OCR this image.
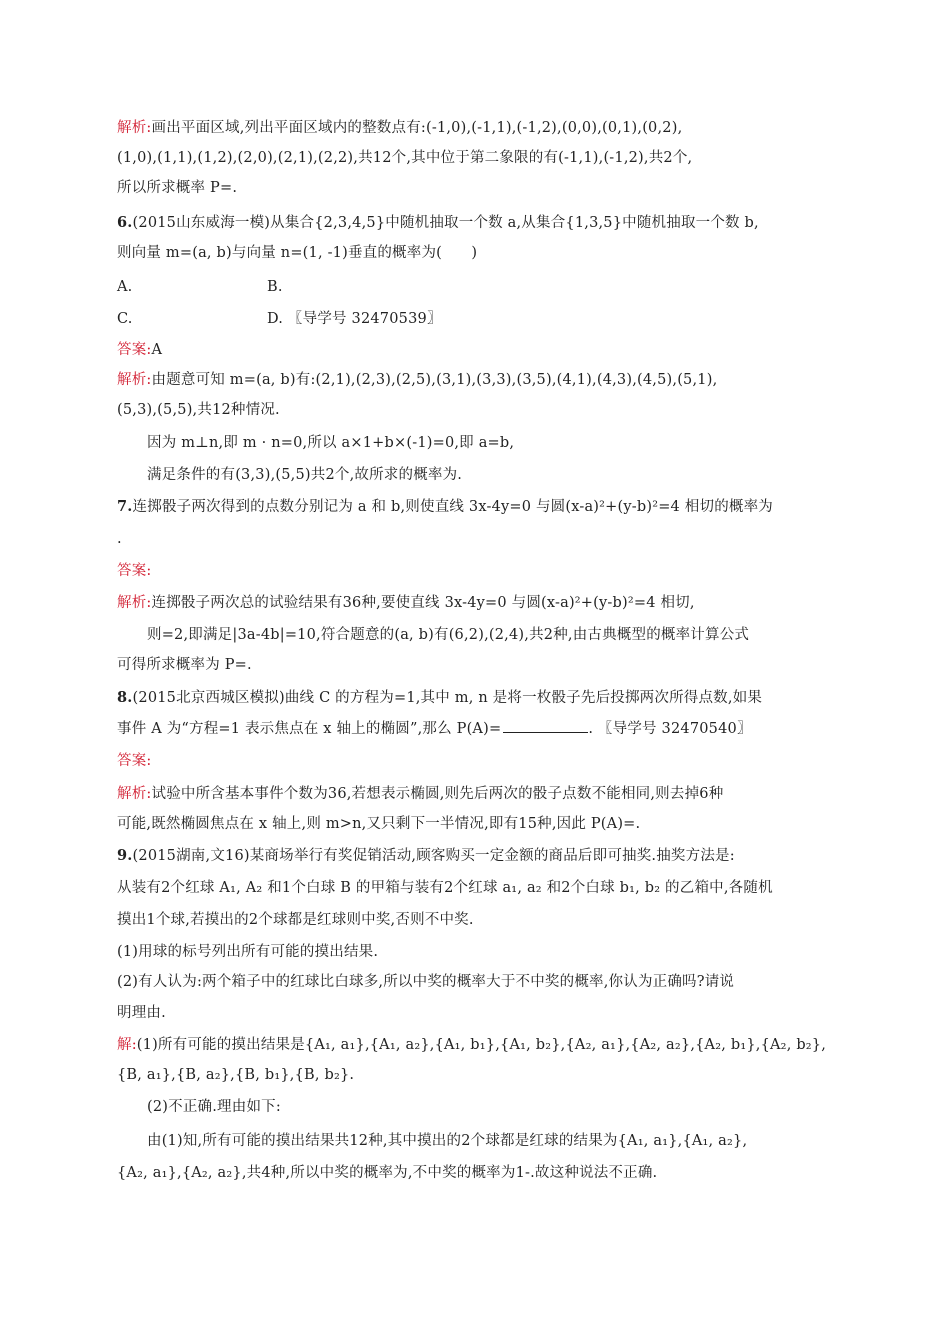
解析:画出平面区域,列出平面区域内的整数点有:(-1,0),(-1,1),(-1,2),(0,0),(0,1),(0,2),
(1,0),(1,1),(1,2),(2,0),(2,1),(2,2),共12个,其中位于第二象限的有(-1,1),(-1,2),共2个,
所以所求概率 P=.
6.(2015山东威海一模)从集合{2,3,4,5}中随机抽取一个数 a,从集合{1,3,5}中随机抽取一个数 b,
则向量 m=(a, b)与向量 n=(1, -1)垂直的概率为(　　)
A.	B.
C.	D. 〖导学号 32470539〗
答案:A
解析:由题意可知 m=(a, b)有:(2,1),(2,3),(2,5),(3,1),(3,3),(3,5),(4,1),(4,3),(4,5),(5,1),
(5,3),(5,5),共12种情况.
因为 m⊥n,即 m · n=0,所以 a×1+b×(-1)=0,即 a=b,
满足条件的有(3,3),(5,5)共2个,故所求的概率为.
7.连掷骰子两次得到的点数分别记为 a 和 b,则使直线 3x-4y=0 与圆(x-a)²+(y-b)²=4 相切的概率为
.
答案:
解析:连掷骰子两次总的试验结果有36种,要使直线 3x-4y=0 与圆(x-a)²+(y-b)²=4 相切,
则=2,即满足|3a-4b|=10,符合题意的(a, b)有(6,2),(2,4),共2种,由古典概型的概率计算公式
可得所求概率为 P=.
8.(2015北京西城区模拟)曲线 C 的方程为=1,其中 m, n 是将一枚骰子先后投掷两次所得点数,如果
事件 A 为“方程=1 表示焦点在 x 轴上的椭圆”,那么 P(A)=	. 〖导学号 32470540〗
答案:
解析:试验中所含基本事件个数为36,若想表示椭圆,则先后两次的骰子点数不能相同,则去掉6种
可能,既然椭圆焦点在 x 轴上,则 m>n,又只剩下一半情况,即有15种,因此 P(A)=.
9.(2015湖南,文16)某商场举行有奖促销活动,顾客购买一定金额的商品后即可抽奖.抽奖方法是:
从装有2个红球 A₁, A₂ 和1个白球 B 的甲箱与装有2个红球 a₁, a₂ 和2个白球 b₁, b₂ 的乙箱中,各随机
摸出1个球,若摸出的2个球都是红球则中奖,否则不中奖.
(1)用球的标号列出所有可能的摸出结果.
(2)有人认为:两个箱子中的红球比白球多,所以中奖的概率大于不中奖的概率,你认为正确吗?请说
明理由.
解:(1)所有可能的摸出结果是{A₁, a₁},{A₁, a₂},{A₁, b₁},{A₁, b₂},{A₂, a₁},{A₂, a₂},{A₂, b₁},{A₂, b₂},
{B, a₁},{B, a₂},{B, b₁},{B, b₂}.
(2)不正确.理由如下:
由(1)知,所有可能的摸出结果共12种,其中摸出的2个球都是红球的结果为{A₁, a₁},{A₁, a₂},
{A₂, a₁},{A₂, a₂},共4种,所以中奖的概率为,不中奖的概率为1-.故这种说法不正确.
